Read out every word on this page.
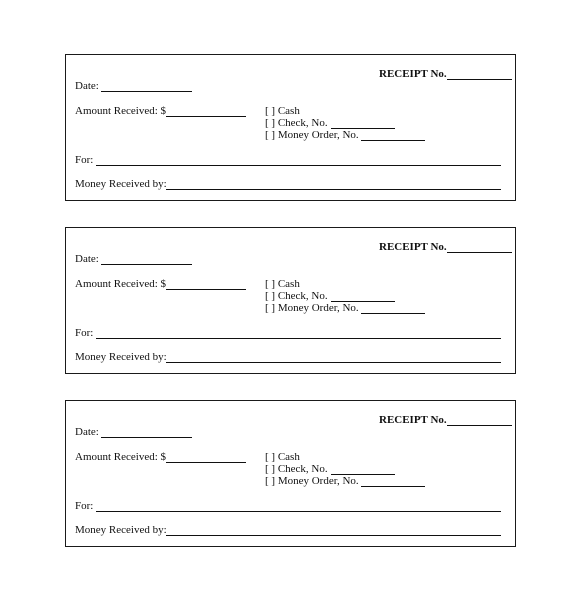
RECEIPT No.
Date:
Amount Received: $	[ ] Cash
[ ] Check, No.
[ ] Money Order, No.
For:
Money Received by:
RECEIPT No.
Date:
Amount Received: $	[ ] Cash
[ ] Check, No.
[ ] Money Order, No.
For:
Money Received by:
RECEIPT No.
Date:
Amount Received: $	[ ] Cash
[ ] Check, No.
[ ] Money Order, No.
For:
Money Received by:
